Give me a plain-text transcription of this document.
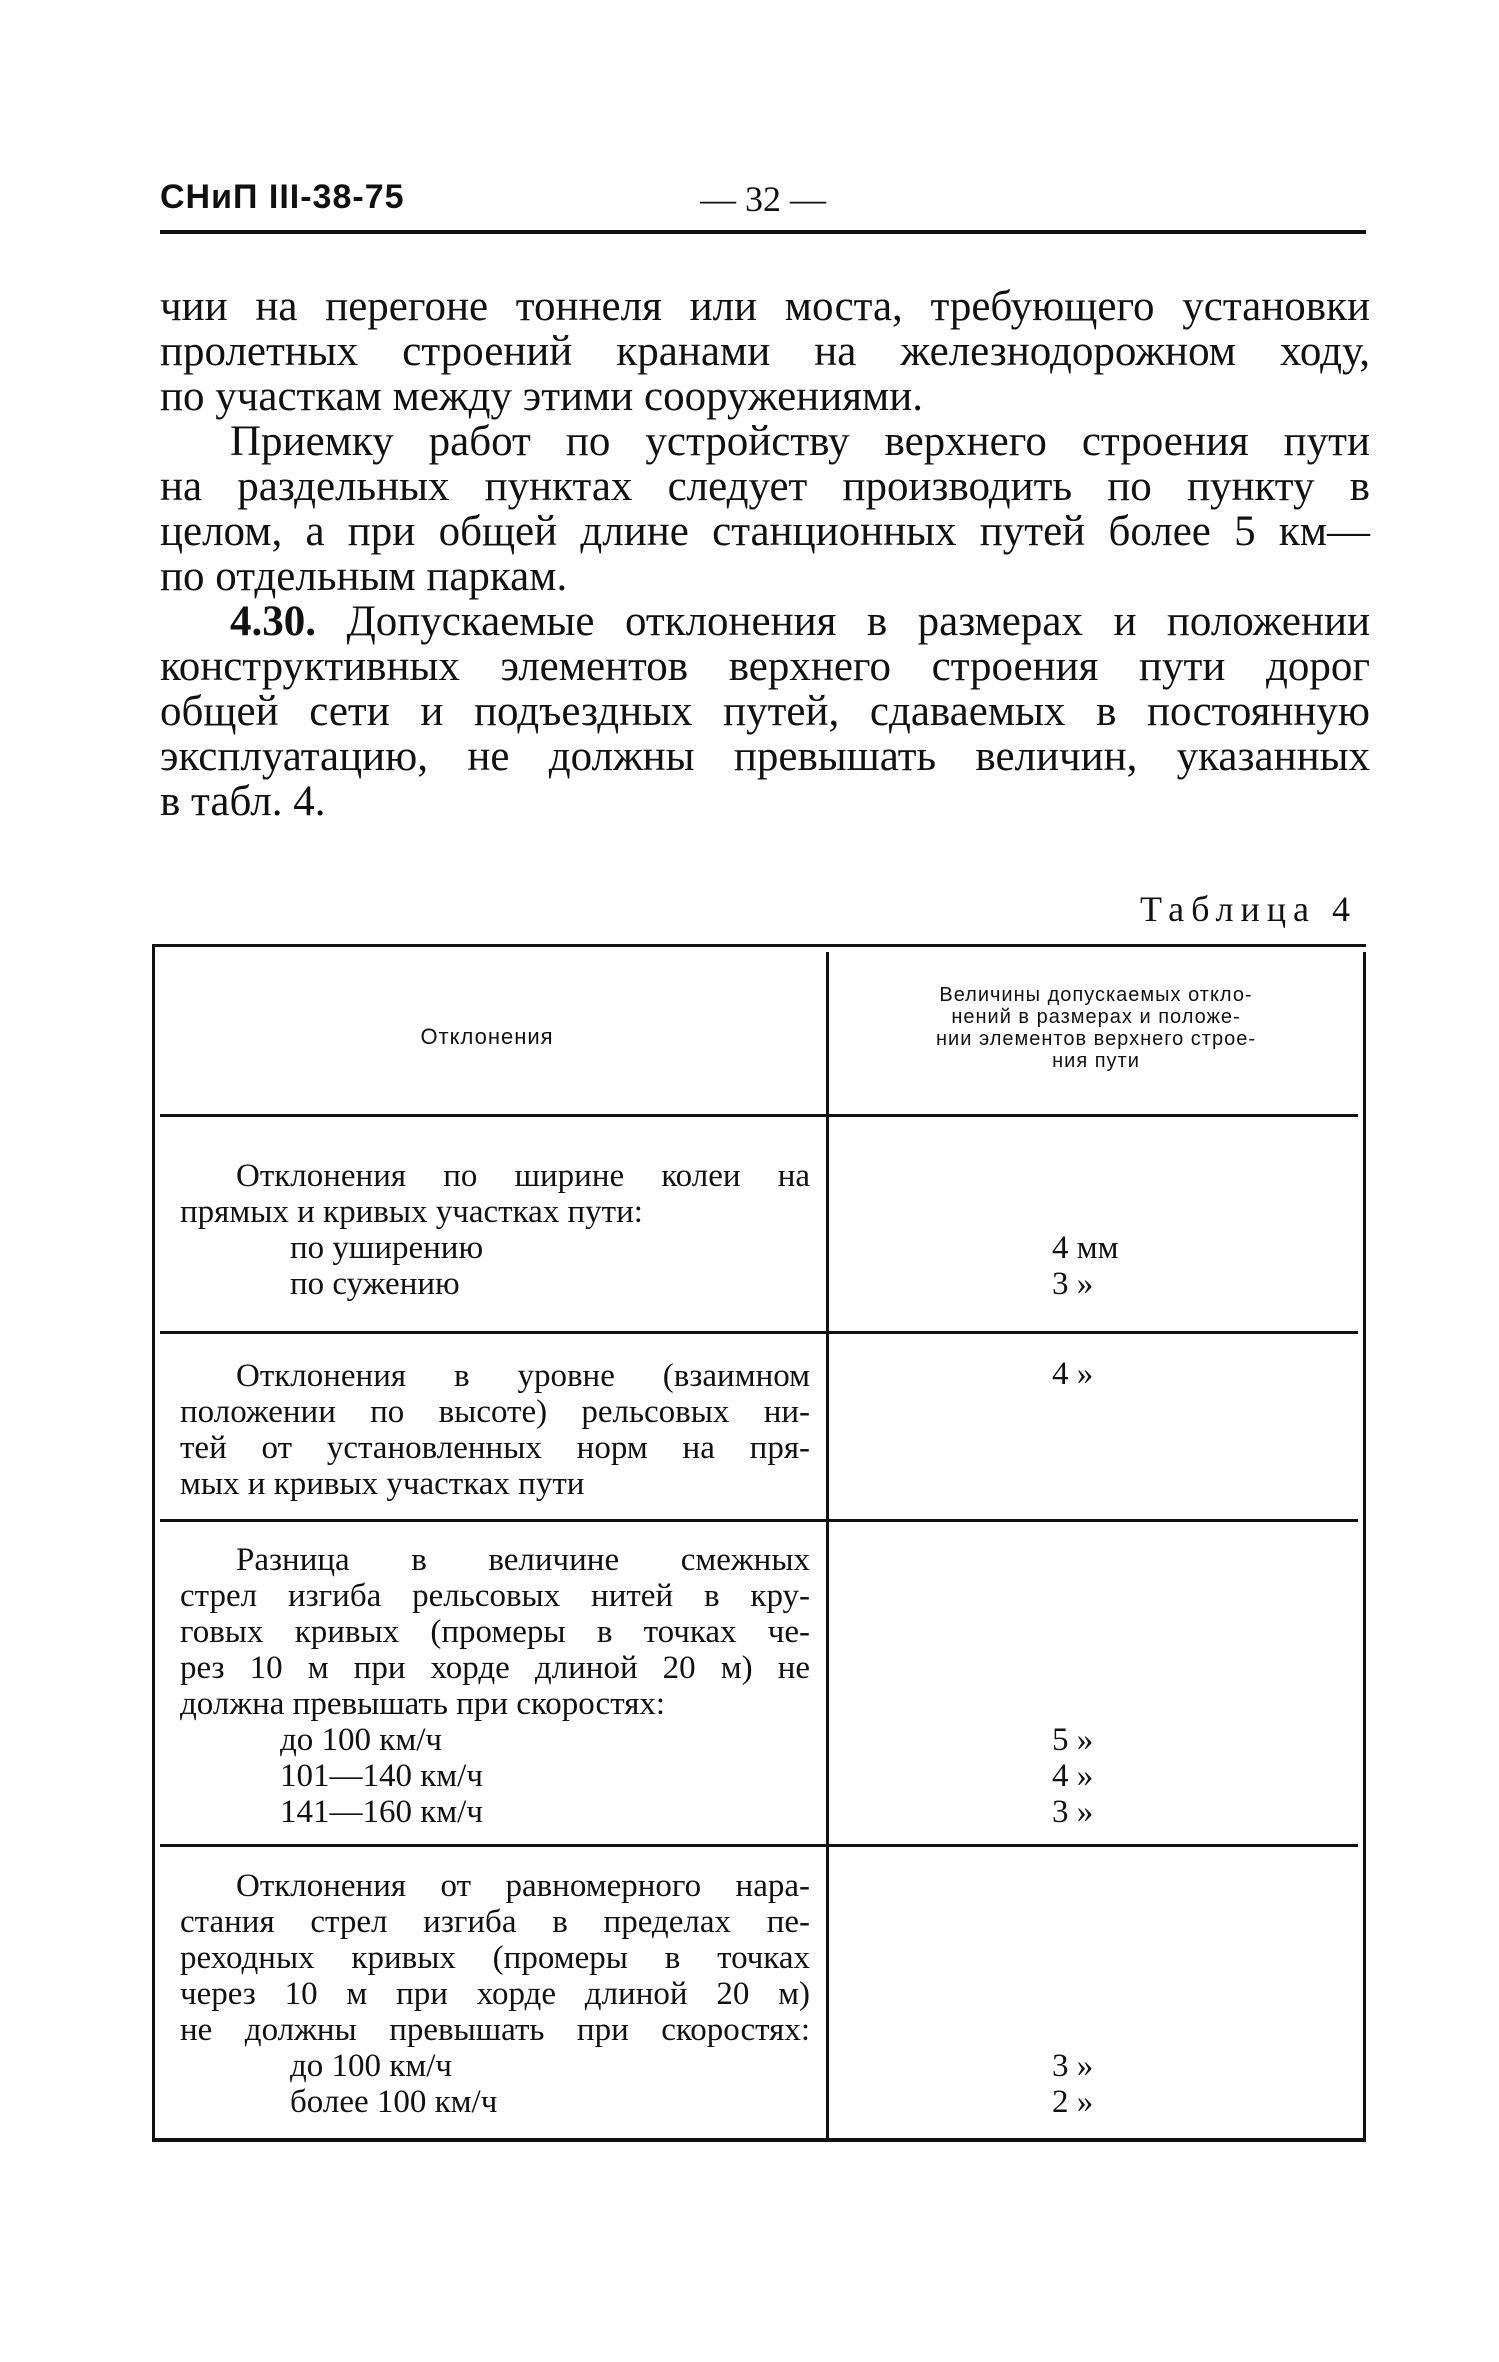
СНиП III-38-75	— 32 —
чии на перегоне тоннеля или моста, требующего установки
пролетных строений кранами на железнодорожном ходу,
по участкам между этими сооружениями.
Приемку работ по устройству верхнего строения пути
на раздельных пунктах следует производить по пункту в
целом, а при общей длине станционных путей более 5 км—
по отдельным паркам.
4.30. Допускаемые отклонения в размерах и положении
конструктивных элементов верхнего строения пути дорог
общей сети и подъездных путей, сдаваемых в постоянную
эксплуатацию, не должны превышать величин, указанных
в табл. 4.
Таблица 4
Отклонения
Величины допускаемых откло-
нений в размерах и положе-
нии элементов верхнего строе-
ния пути
Отклонения по ширине колеи на
прямых и кривых участках пути:
по уширению
по сужению
4 мм
3 »
Отклонения в уровне (взаимном
положении по высоте) рельсовых ни-
тей от установленных норм на пря-
мых и кривых участках пути
4 »
Разница в величине смежных
стрел изгиба рельсовых нитей в кру-
говых кривых (промеры в точках че-
рез 10 м при хорде длиной 20 м) не
должна превышать при скоростях:
до 100 км/ч
101—140 км/ч
141—160 км/ч
5 »
4 »
3 »
Отклонения от равномерного нара-
стания стрел изгиба в пределах пе-
реходных кривых (промеры в точках
через 10 м при хорде длиной 20 м)
не должны превышать при скоростях:
до 100 км/ч
более 100 км/ч
3 »
2 »
